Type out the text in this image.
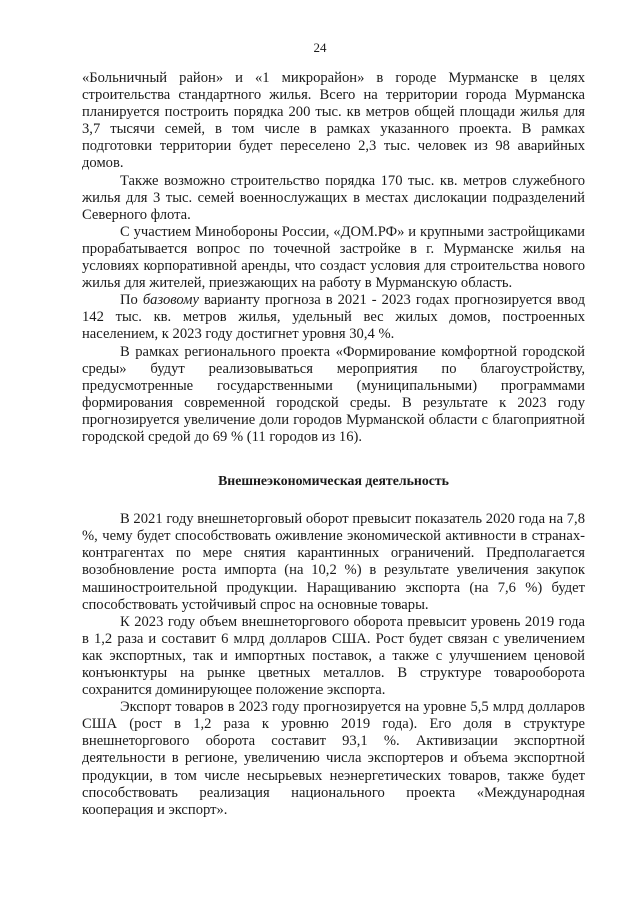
24

«Больничный район» и «1 микрорайон» в городе Мурманске в целях строительства стандартного жилья. Всего на территории города Мурманска планируется построить порядка 200 тыс. кв метров общей площади жилья для 3,7 тысячи семей, в том числе в рамках указанного проекта. В рамках подготовки территории будет переселено 2,3 тыс. человек из 98 аварийных домов.

Также возможно строительство порядка 170 тыс. кв. метров служебного жилья для 3 тыс. семей военнослужащих в местах дислокации подразделений Северного флота.

С участием Минобороны России, «ДОМ.РФ» и крупными застройщиками прорабатывается вопрос по точечной застройке в г. Мурманске жилья на условиях корпоративной аренды, что создаст условия для строительства нового жилья для жителей, приезжающих на работу в Мурманскую область.

По базовому варианту прогноза в 2021 - 2023 годах прогнозируется ввод 142 тыс. кв. метров жилья, удельный вес жилых домов, построенных населением, к 2023 году достигнет уровня 30,4 %.

В рамках регионального проекта «Формирование комфортной городской среды» будут реализовываться мероприятия по благоустройству, предусмотренные государственными (муниципальными) программами формирования современной городской среды. В результате к 2023 году прогнозируется увеличение доли городов Мурманской области с благоприятной городской средой до 69 % (11 городов из 16).

Внешнеэкономическая деятельность

В 2021 году внешнеторговый оборот превысит показатель 2020 года на 7,8 %, чему будет способствовать оживление экономической активности в странах-контрагентах по мере снятия карантинных ограничений. Предполагается возобновление роста импорта (на 10,2 %) в результате увеличения закупок машиностроительной продукции. Наращиванию экспорта (на 7,6 %) будет способствовать устойчивый спрос на основные товары.

К 2023 году объем внешнеторгового оборота превысит уровень 2019 года в 1,2 раза и составит 6 млрд долларов США. Рост будет связан с увеличением как экспортных, так и импортных поставок, а также с улучшением ценовой конъюнктуры на рынке цветных металлов. В структуре товарооборота сохранится доминирующее положение экспорта.

Экспорт товаров в 2023 году прогнозируется на уровне 5,5 млрд долларов США (рост в 1,2 раза к уровню 2019 года). Его доля в структуре внешнеторгового оборота составит 93,1 %. Активизации экспортной деятельности в регионе, увеличению числа экспортеров и объема экспортной продукции, в том числе несырьевых неэнергетических товаров, также будет способствовать реализация национального проекта «Международная кооперация и экспорт».
